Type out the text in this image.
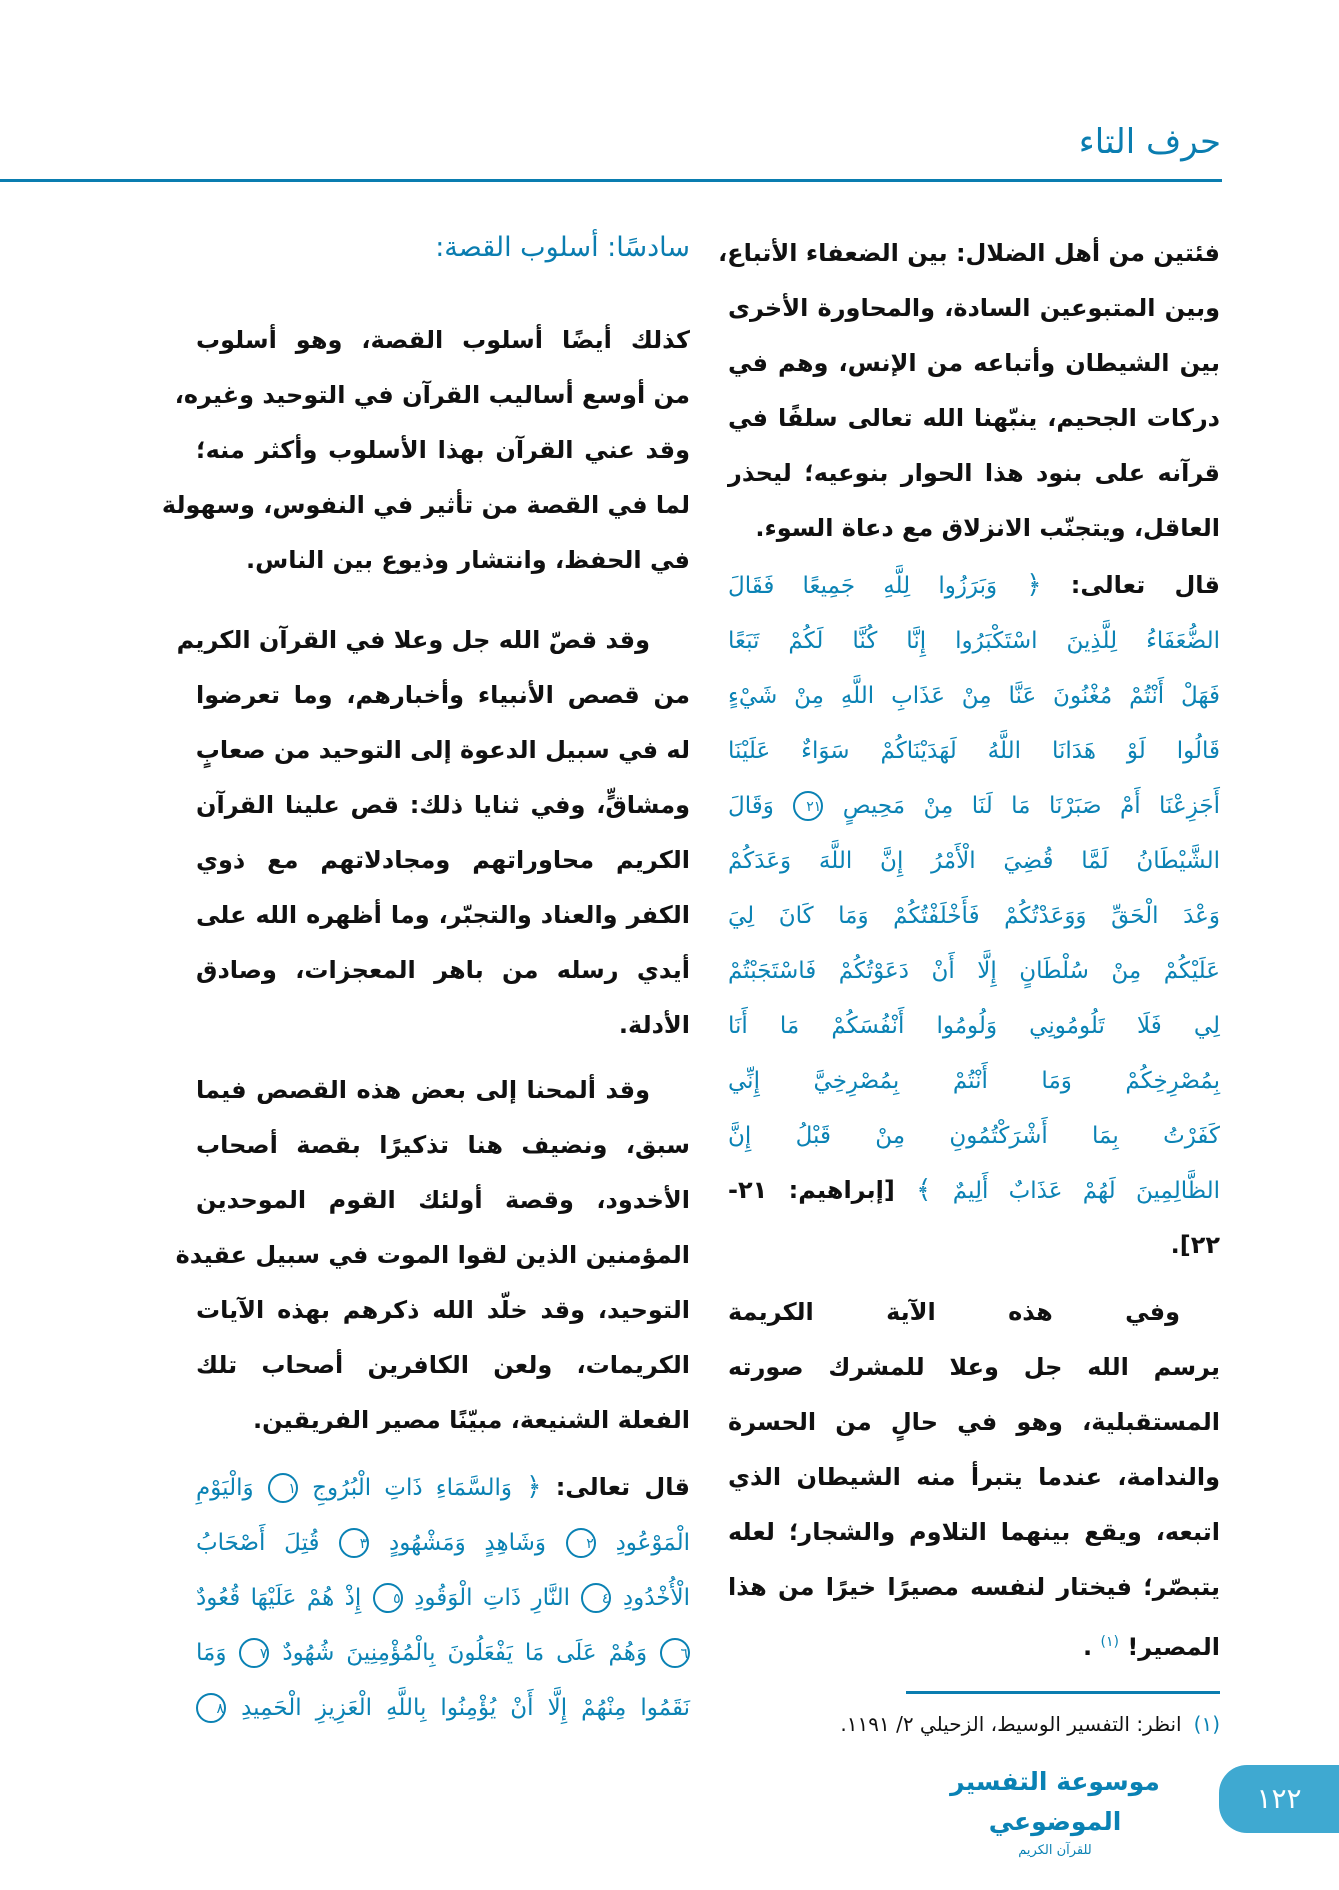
حرف التاء
سادسًا: أسلوب القصة: فئتين من أهل الضلال: بين الضعفاء الأتباع،
وبين المتبوعين السادة، والمحاورة الأخرى
بين الشيطان وأتباعه من الإنس، وهم في
دركات الجحيم، ينبّهنا الله تعالى سلفًا في
قرآنه على بنود هذا الحوار بنوعيه؛ ليحذر
العاقل، ويتجنّب الانزلاق مع دعاة السوء.
قال تعالى: ﴿ وَبَرَزُوا لِلَّهِ جَمِيعًا فَقَالَ
الضُّعَفَاءُ لِلَّذِينَ اسْتَكْبَرُوا إِنَّا كُنَّا لَكُمْ تَبَعًا
فَهَلْ أَنْتُمْ مُغْنُونَ عَنَّا مِنْ عَذَابِ اللَّهِ مِنْ شَيْءٍ
قَالُوا لَوْ هَدَانَا اللَّهُ لَهَدَيْنَاكُمْ سَوَاءٌ عَلَيْنَا
أَجَزِعْنَا أَمْ صَبَرْنَا مَا لَنَا مِنْ مَحِيصٍ ٢١ وَقَالَ
الشَّيْطَانُ لَمَّا قُضِيَ الْأَمْرُ إِنَّ اللَّهَ وَعَدَكُمْ
وَعْدَ الْحَقِّ وَوَعَدْتُكُمْ فَأَخْلَفْتُكُمْ وَمَا كَانَ لِيَ
عَلَيْكُمْ مِنْ سُلْطَانٍ إِلَّا أَنْ دَعَوْتُكُمْ فَاسْتَجَبْتُمْ
لِي فَلَا تَلُومُونِي وَلُومُوا أَنْفُسَكُمْ مَا أَنَا
بِمُصْرِخِكُمْ وَمَا أَنْتُمْ بِمُصْرِخِيَّ إِنِّي
كَفَرْتُ بِمَا أَشْرَكْتُمُونِ مِنْ قَبْلُ إِنَّ
الظَّالِمِينَ لَهُمْ عَذَابٌ أَلِيمٌ ﴾ [إبراهيم: ٢١-
٢٢].
وفي هذه الآية الكريمة
يرسم الله جل وعلا للمشرك صورته
المستقبلية، وهو في حالٍ من الحسرة
والندامة، عندما يتبرأ منه الشيطان الذي
اتبعه، ويقع بينهما التلاوم والشجار؛ لعله
يتبصّر؛ فيختار لنفسه مصيرًا خيرًا من هذا
المصير! $^{(١)}$ .
كذلك أيضًا أسلوب القصة، وهو أسلوب
من أوسع أساليب القرآن في التوحيد وغيره،
وقد عني القرآن بهذا الأسلوب وأكثر منه؛
لما في القصة من تأثير في النفوس، وسهولة
في الحفظ، وانتشار وذيوع بين الناس.
وقد قصّ الله جل وعلا في القرآن الكريم
من قصص الأنبياء وأخبارهم، وما تعرضوا
له في سبيل الدعوة إلى التوحيد من صعابٍ
ومشاقٍّ، وفي ثنايا ذلك: قص علينا القرآن
الكريم محاوراتهم ومجادلاتهم مع ذوي
الكفر والعناد والتجبّر، وما أظهره الله على
أيدي رسله من باهر المعجزات، وصادق
الأدلة.
وقد ألمحنا إلى بعض هذه القصص فيما
سبق، ونضيف هنا تذكيرًا بقصة أصحاب
الأخدود، وقصة أولئك القوم الموحدين
المؤمنين الذين لقوا الموت في سبيل عقيدة
التوحيد، وقد خلّد الله ذكرهم بهذه الآيات
الكريمات، ولعن الكافرين أصحاب تلك
الفعلة الشنيعة، مبيّنًا مصير الفريقين.
قال تعالى: ﴿ وَالسَّمَاءِ ذَاتِ الْبُرُوجِ ١ وَالْيَوْمِ
الْمَوْعُودِ ٢ وَشَاهِدٍ وَمَشْهُودٍ ٣ قُتِلَ أَصْحَابُ
الْأُخْدُودِ ٤ النَّارِ ذَاتِ الْوَقُودِ ٥ إِذْ هُمْ عَلَيْهَا قُعُودٌ
٦ وَهُمْ عَلَى مَا يَفْعَلُونَ بِالْمُؤْمِنِينَ شُهُودٌ ٧ وَمَا
نَقَمُوا مِنْهُمْ إِلَّا أَنْ يُؤْمِنُوا بِاللَّهِ الْعَزِيزِ الْحَمِيدِ ٨
(١)انظر: التفسير الوسيط، الزحيلي ٢/ ١١٩١.
موسوعة التفسير الموضوعي
للقرآن الكريم
١٢٢
